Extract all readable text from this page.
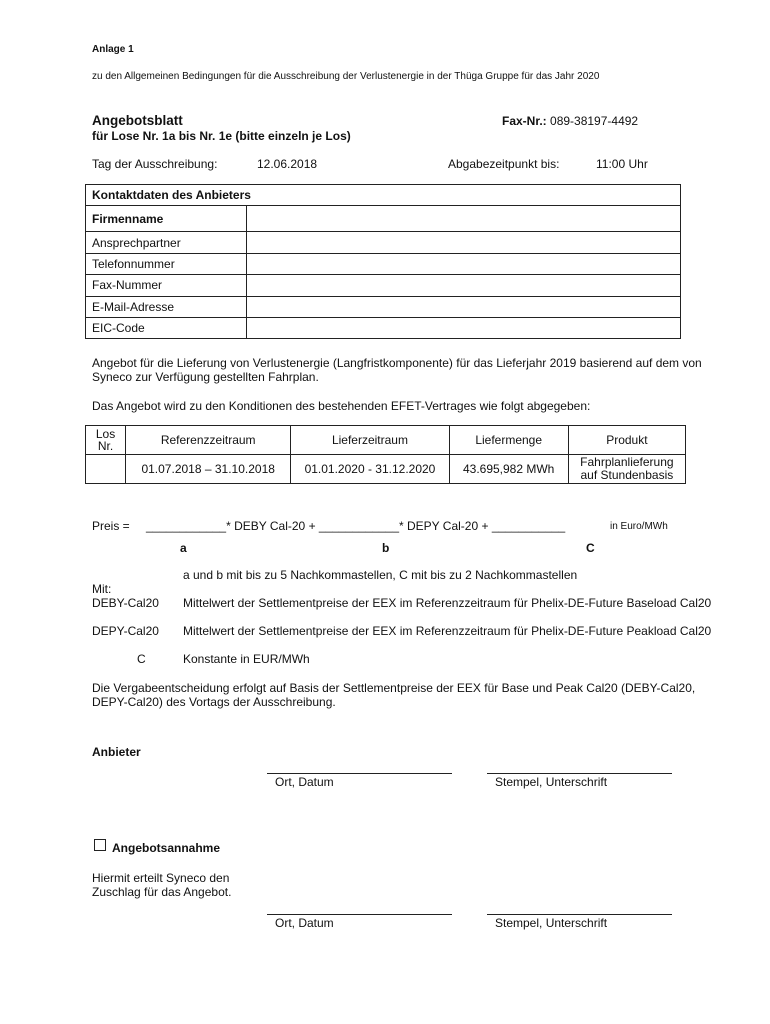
Anlage 1
zu den Allgemeinen Bedingungen für die Ausschreibung der Verlustenergie in der Thüga Gruppe für das Jahr 2020
Angebotsblatt
für Lose Nr. 1a bis Nr. 1e (bitte einzeln je Los)
Fax-Nr.: 089-38197-4492
Tag der Ausschreibung:	12.06.2018	Abgabezeitpunkt bis:	11:00 Uhr
Kontaktdaten des Anbieters	
Firmenname	
Ansprechpartner	
Telefonnummer	
Fax-Nummer	
E-Mail-Adresse	
EIC-Code	
Angebot für die Lieferung von Verlustenergie (Langfristkomponente) für das Lieferjahr 2019 basierend auf dem von Syneco zur Verfügung gestellten Fahrplan.
Das Angebot wird zu den Konditionen des bestehenden EFET-Vertrages wie folgt abgegeben:
Los Nr.	Referenzzeitraum	Lieferzeitraum	Liefermenge	Produkt
	01.07.2018 – 31.10.2018	01.01.2020 - 31.12.2020	43.695,982 MWh	Fahrplanlieferung auf Stundenbasis
Preis = ____________* DEBY Cal-20 + ____________* DEPY Cal-20 + ___________	in Euro/MWh
a	b	C
a und b mit bis zu 5 Nachkommastellen, C mit bis zu 2 Nachkommastellen
Mit:
DEBY-Cal20 Mittelwert der Settlementpreise der EEX im Referenzzeitraum für Phelix-DE-Future Baseload Cal20
DEPY-Cal20 Mittelwert der Settlementpreise der EEX im Referenzzeitraum für Phelix-DE-Future Peakload Cal20
C	Konstante in EUR/MWh
Die Vergabeentscheidung erfolgt auf Basis der Settlementpreise der EEX für Base und Peak Cal20 (DEBY-Cal20, DEPY-Cal20) des Vortags der Ausschreibung.
Anbieter
Ort, Datum	Stempel, Unterschrift
Angebotsannahme
Hiermit erteilt Syneco den Zuschlag für das Angebot.
Ort, Datum	Stempel, Unterschrift
